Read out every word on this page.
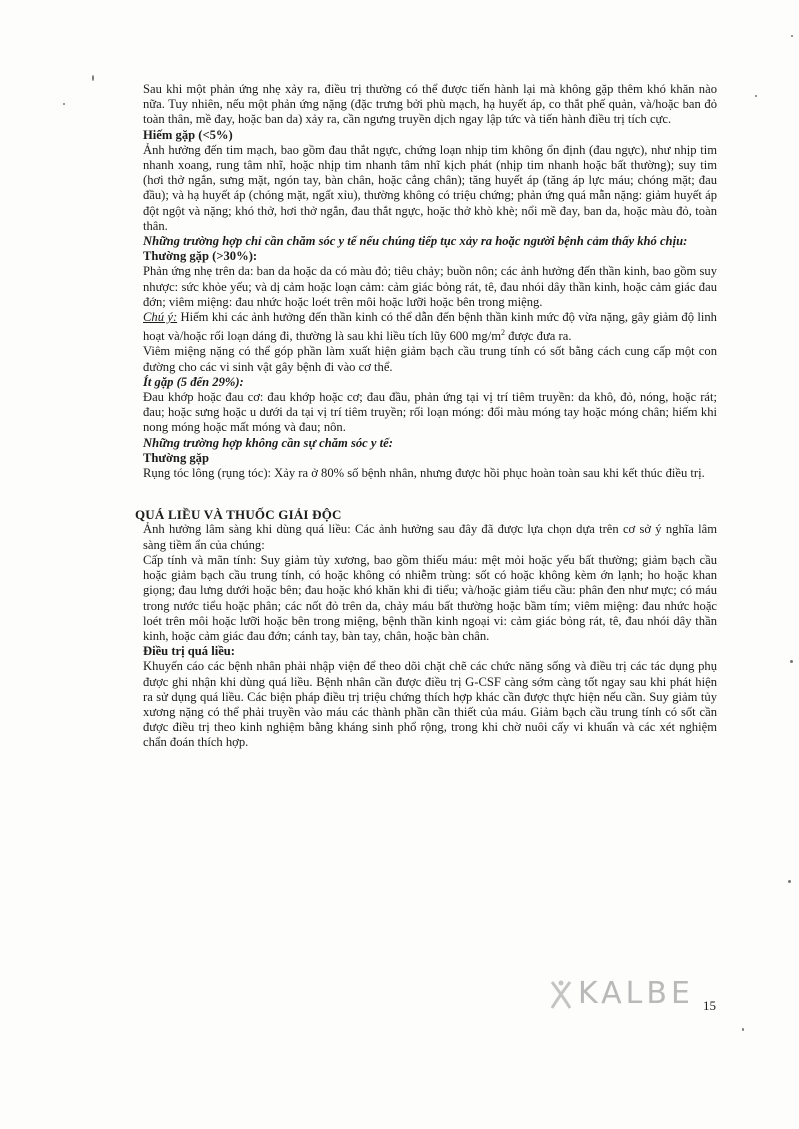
Sau khi một phản ứng nhẹ xảy ra, điều trị thường có thể được tiến hành lại mà không gặp thêm khó khăn nào nữa. Tuy nhiên, nếu một phản ứng nặng (đặc trưng bởi phù mạch, hạ huyết áp, co thắt phế quản, và/hoặc ban đỏ toàn thân, mề đay, hoặc ban da) xảy ra, cần ngưng truyền dịch ngay lập tức và tiến hành điều trị tích cực.

Hiếm gặp (<5%)

Ảnh hưởng đến tim mạch, bao gồm đau thắt ngực, chứng loạn nhịp tim không ổn định (đau ngực), như nhịp tim nhanh xoang, rung tâm nhĩ, hoặc nhịp tim nhanh tâm nhĩ kịch phát (nhịp tim nhanh hoặc bất thường); suy tim (hơi thở ngắn, sưng mặt, ngón tay, bàn chân, hoặc cẳng chân); tăng huyết áp (tăng áp lực máu; chóng mặt; đau đầu); và hạ huyết áp (chóng mặt, ngất xỉu), thường không có triệu chứng; phản ứng quá mẫn nặng: giảm huyết áp đột ngột và nặng; khó thở, hơi thở ngắn, đau thắt ngực, hoặc thở khò khè; nổi mề đay, ban da, hoặc màu đỏ, toàn thân.

Những trường hợp chỉ cần chăm sóc y tế nếu chúng tiếp tục xảy ra hoặc người bệnh cảm thấy khó chịu:

Thường gặp (>30%):

Phản ứng nhẹ trên da: ban da hoặc da có màu đỏ; tiêu chảy; buồn nôn; các ảnh hưởng đến thần kinh, bao gồm suy nhược: sức khỏe yếu; và dị cảm hoặc loạn cảm: cảm giác bỏng rát, tê, đau nhói dây thần kinh, hoặc cảm giác đau đớn; viêm miệng: đau nhức hoặc loét trên môi hoặc lưỡi hoặc bên trong miệng.

Chú ý: Hiếm khi các ảnh hưởng đến thần kinh có thể dẫn đến bệnh thần kinh mức độ vừa nặng, gây giảm độ linh hoạt và/hoặc rối loạn dáng đi, thường là sau khi liều tích lũy 600 $mg/m^2$ được đưa ra.

Viêm miệng nặng có thể góp phần làm xuất hiện giảm bạch cầu trung tính có sốt bằng cách cung cấp một con đường cho các vi sinh vật gây bệnh đi vào cơ thể.

Ít gặp (5 đến 29%):

Đau khớp hoặc đau cơ: đau khớp hoặc cơ; đau đầu, phản ứng tại vị trí tiêm truyền: da khô, đỏ, nóng, hoặc rát; đau; hoặc sưng hoặc u dưới da tại vị trí tiêm truyền; rối loạn móng: đổi màu móng tay hoặc móng chân; hiếm khi nong móng hoặc mất móng và đau; nôn.

Những trường hợp không cần sự chăm sóc y tế:

Thường gặp

Rụng tóc lông (rụng tóc): Xảy ra ở 80% số bệnh nhân, nhưng được hồi phục hoàn toàn sau khi kết thúc điều trị.

QUÁ LIỀU VÀ THUỐC GIẢI ĐỘC

Ảnh hưởng lâm sàng khi dùng quá liều: Các ảnh hưởng sau đây đã được lựa chọn dựa trên cơ sở ý nghĩa lâm sàng tiềm ẩn của chúng:

Cấp tính và mãn tính: Suy giảm tủy xương, bao gồm thiếu máu: mệt mỏi hoặc yếu bất thường; giảm bạch cầu hoặc giảm bạch cầu trung tính, có hoặc không có nhiễm trùng: sốt có hoặc không kèm ớn lạnh; ho hoặc khan giọng; đau lưng dưới hoặc bên; đau hoặc khó khăn khi đi tiểu; và/hoặc giảm tiểu cầu: phân đen như mực; có máu trong nước tiểu hoặc phân; các nốt đỏ trên da, chảy máu bất thường hoặc bầm tím; viêm miệng: đau nhức hoặc loét trên môi hoặc lưỡi hoặc bên trong miệng, bệnh thần kinh ngoại vi: cảm giác bỏng rát, tê, đau nhói dây thần kinh, hoặc cảm giác đau đớn; cánh tay, bàn tay, chân, hoặc bàn chân.

Điều trị quá liều:

Khuyến cáo các bệnh nhân phải nhập viện để theo dõi chặt chẽ các chức năng sống và điều trị các tác dụng phụ được ghi nhận khi dùng quá liều. Bệnh nhân cần được điều trị G-CSF càng sớm càng tốt ngay sau khi phát hiện ra sử dụng quá liều. Các biện pháp điều trị triệu chứng thích hợp khác cần được thực hiện nếu cần. Suy giảm tủy xương nặng có thể phải truyền vào máu các thành phần cần thiết của máu. Giảm bạch cầu trung tính có sốt cần được điều trị theo kinh nghiệm bằng kháng sinh phổ rộng, trong khi chờ nuôi cấy vi khuẩn và các xét nghiệm chẩn đoán thích hợp.

KALBE 15
